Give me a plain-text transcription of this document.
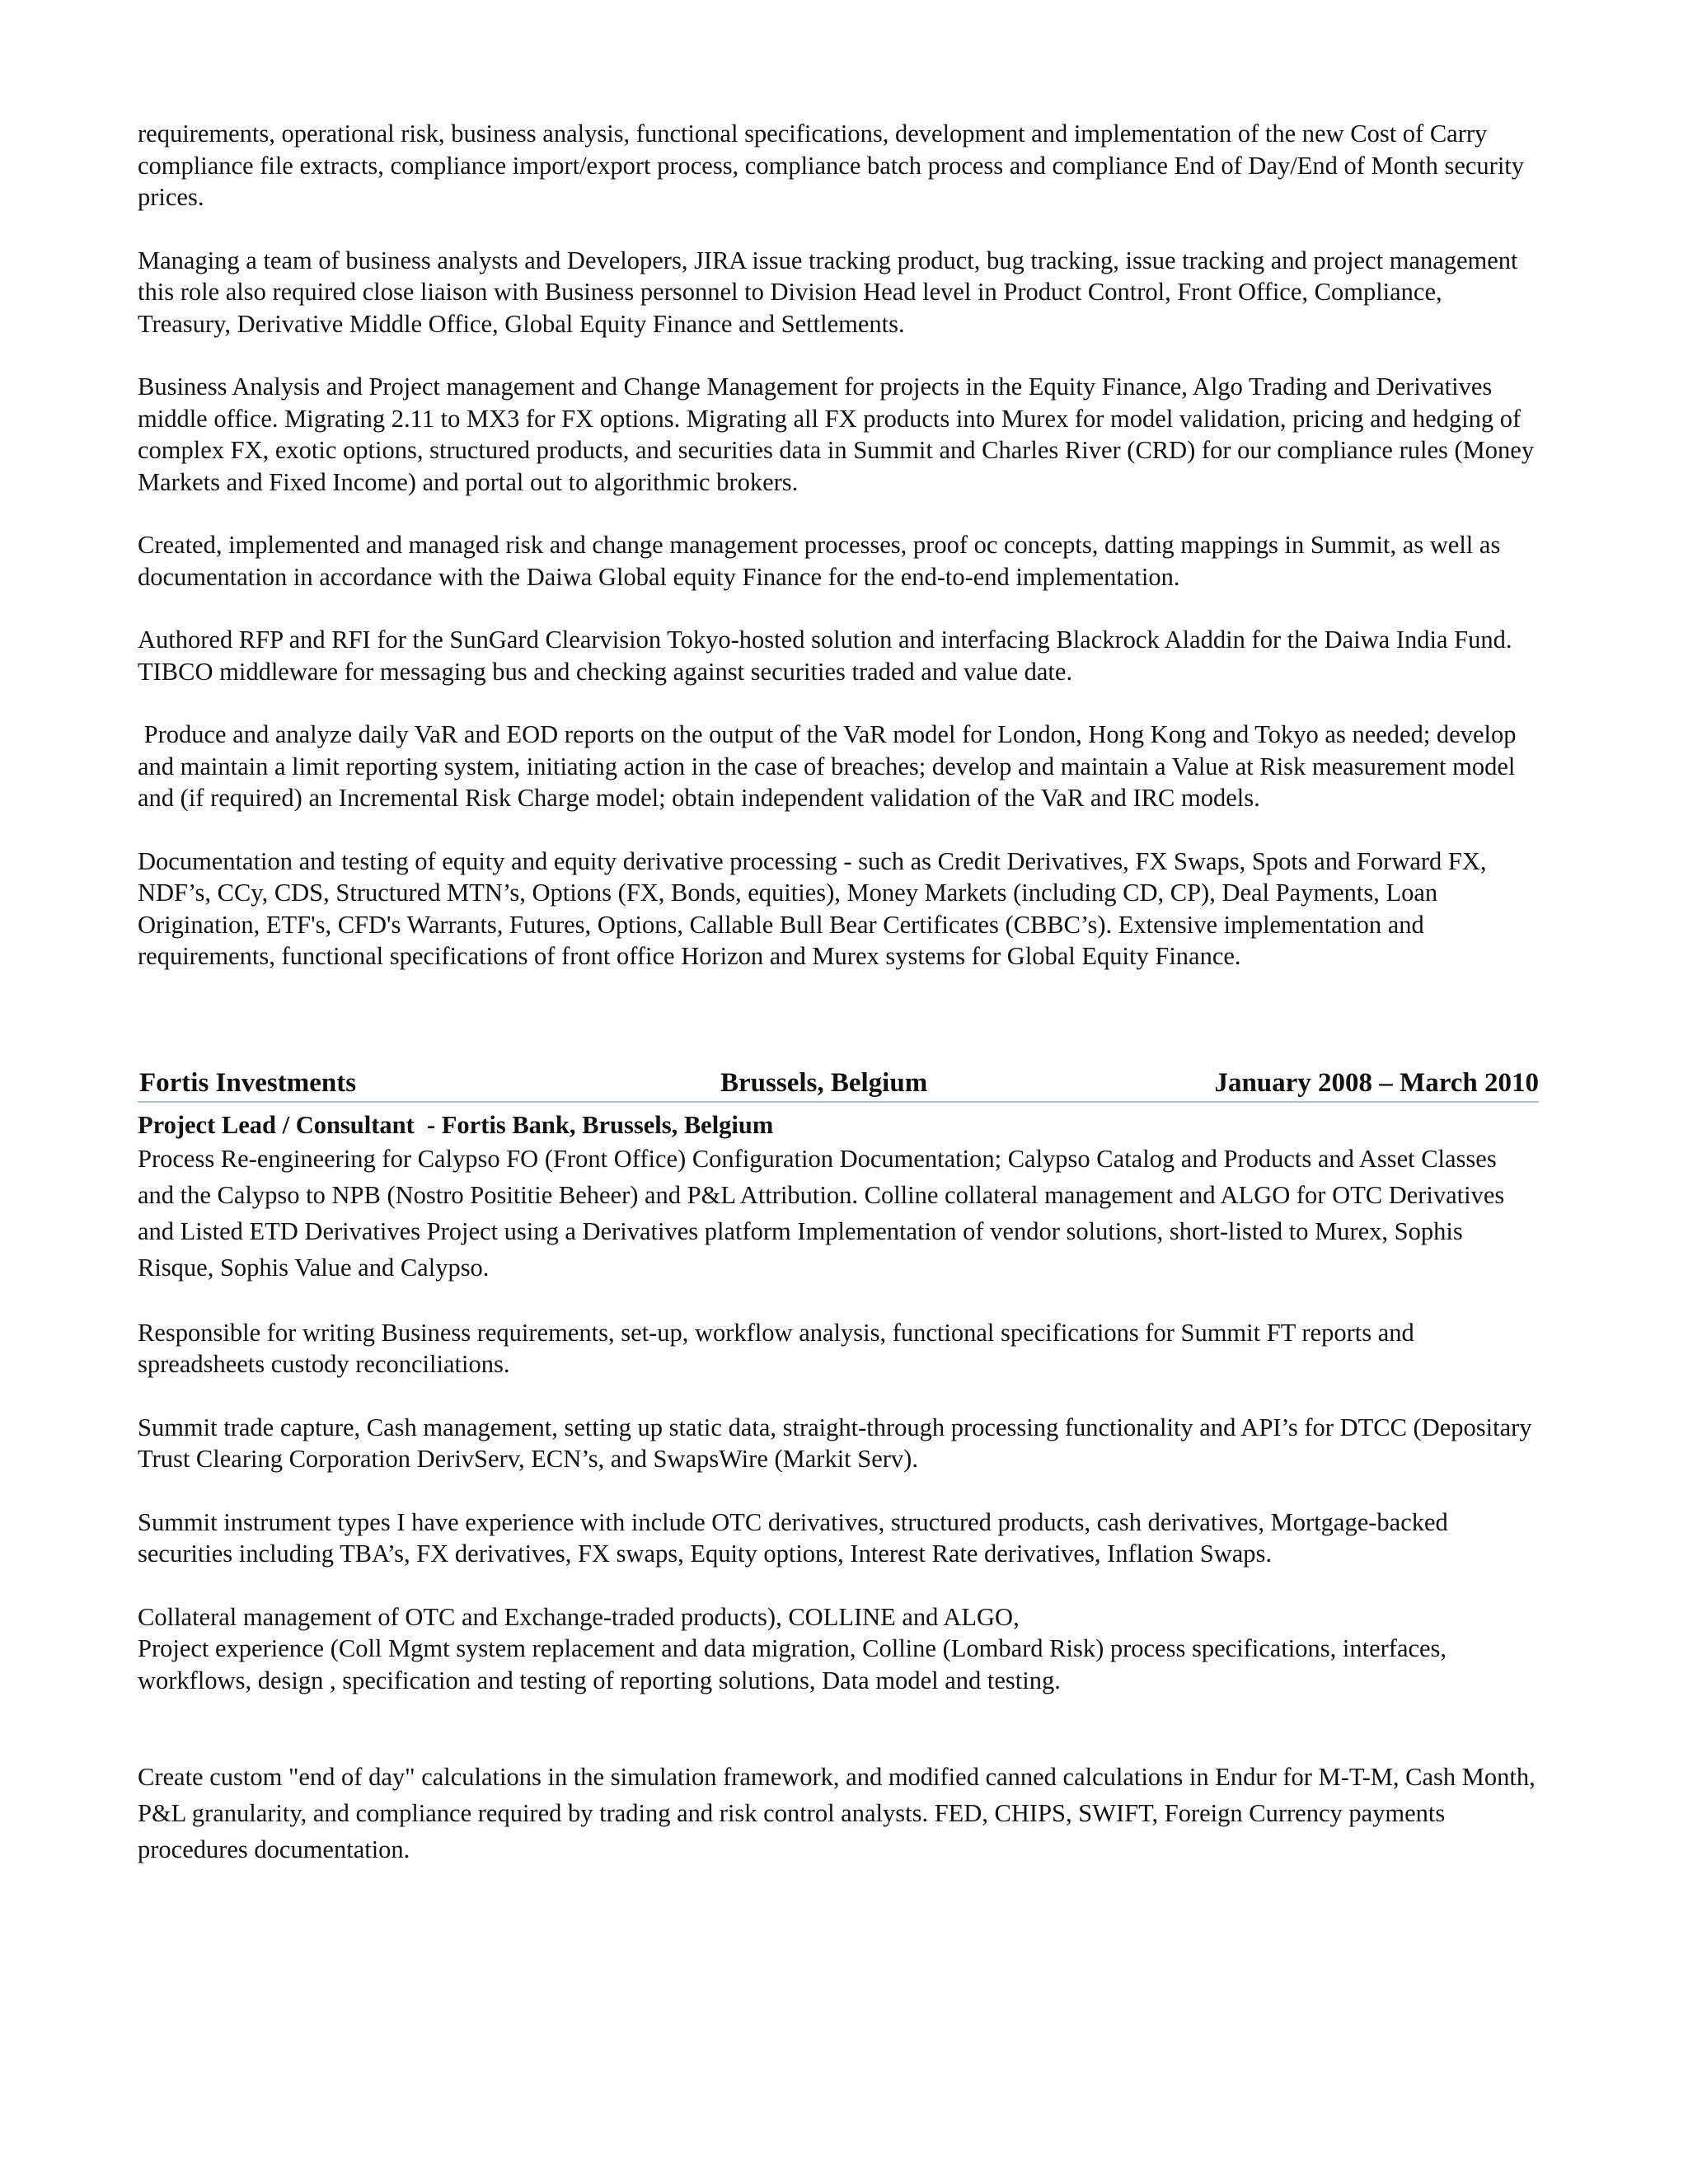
requirements, operational risk, business analysis, functional specifications, development and implementation of the new Cost of Carry compliance file extracts, compliance import/export process, compliance batch process and compliance End of Day/End of Month security prices.

Managing a team of business analysts and Developers, JIRA issue tracking product, bug tracking, issue tracking and project management this role also required close liaison with Business personnel to Division Head level in Product Control, Front Office, Compliance, Treasury, Derivative Middle Office, Global Equity Finance and Settlements.

Business Analysis and Project management and Change Management for projects in the Equity Finance, Algo Trading and Derivatives middle office. Migrating 2.11 to MX3 for FX options. Migrating all FX products into Murex for model validation, pricing and hedging of complex FX, exotic options, structured products, and securities data in Summit and Charles River (CRD) for our compliance rules (Money Markets and Fixed Income) and portal out to algorithmic brokers.

Created, implemented and managed risk and change management processes, proof oc concepts, datting mappings in Summit, as well as documentation in accordance with the Daiwa Global equity Finance for the end-to-end implementation.

Authored RFP and RFI for the SunGard Clearvision Tokyo-hosted solution and interfacing Blackrock Aladdin for the Daiwa India Fund. TIBCO middleware for messaging bus and checking against securities traded and value date.

Produce and analyze daily VaR and EOD reports on the output of the VaR model for London, Hong Kong and Tokyo as needed; develop and maintain a limit reporting system, initiating action in the case of breaches; develop and maintain a Value at Risk measurement model and (if required) an Incremental Risk Charge model; obtain independent validation of the VaR and IRC models.

Documentation and testing of equity and equity derivative processing - such as Credit Derivatives, FX Swaps, Spots and Forward FX, NDF’s, CCy, CDS, Structured MTN’s, Options (FX, Bonds, equities), Money Markets (including CD, CP), Deal Payments, Loan Origination, ETF's, CFD's Warrants, Futures, Options, Callable Bull Bear Certificates (CBBC’s). Extensive implementation and requirements, functional specifications of front office Horizon and Murex systems for Global Equity Finance.

Fortis Investments	Brussels, Belgium	January 2008 – March 2010
Project Lead / Consultant  - Fortis Bank, Brussels, Belgium

Process Re-engineering for Calypso FO (Front Office) Configuration Documentation; Calypso Catalog and Products and Asset Classes and the Calypso to NPB (Nostro Posititie Beheer) and P&L Attribution. Colline collateral management and ALGO for OTC Derivatives and Listed ETD Derivatives Project using a Derivatives platform Implementation of vendor solutions, short-listed to Murex, Sophis Risque, Sophis Value and Calypso.

Responsible for writing Business requirements, set-up, workflow analysis, functional specifications for Summit FT reports and spreadsheets custody reconciliations.

Summit trade capture, Cash management, setting up static data, straight-through processing functionality and API’s for DTCC (Depositary Trust Clearing Corporation DerivServ, ECN’s, and SwapsWire (Markit Serv).

Summit instrument types I have experience with include OTC derivatives, structured products, cash derivatives, Mortgage-backed securities including TBA’s, FX derivatives, FX swaps, Equity options, Interest Rate derivatives, Inflation Swaps.

Collateral management of OTC and Exchange-traded products), COLLINE and ALGO,

Project experience (Coll Mgmt system replacement and data migration, Colline (Lombard Risk) process specifications, interfaces, workflows, design , specification and testing of reporting solutions, Data model and testing.

Create custom "end of day" calculations in the simulation framework, and modified canned calculations in Endur for M-T-M, Cash Month, P&L granularity, and compliance required by trading and risk control analysts. FED, CHIPS, SWIFT, Foreign Currency payments procedures documentation.
